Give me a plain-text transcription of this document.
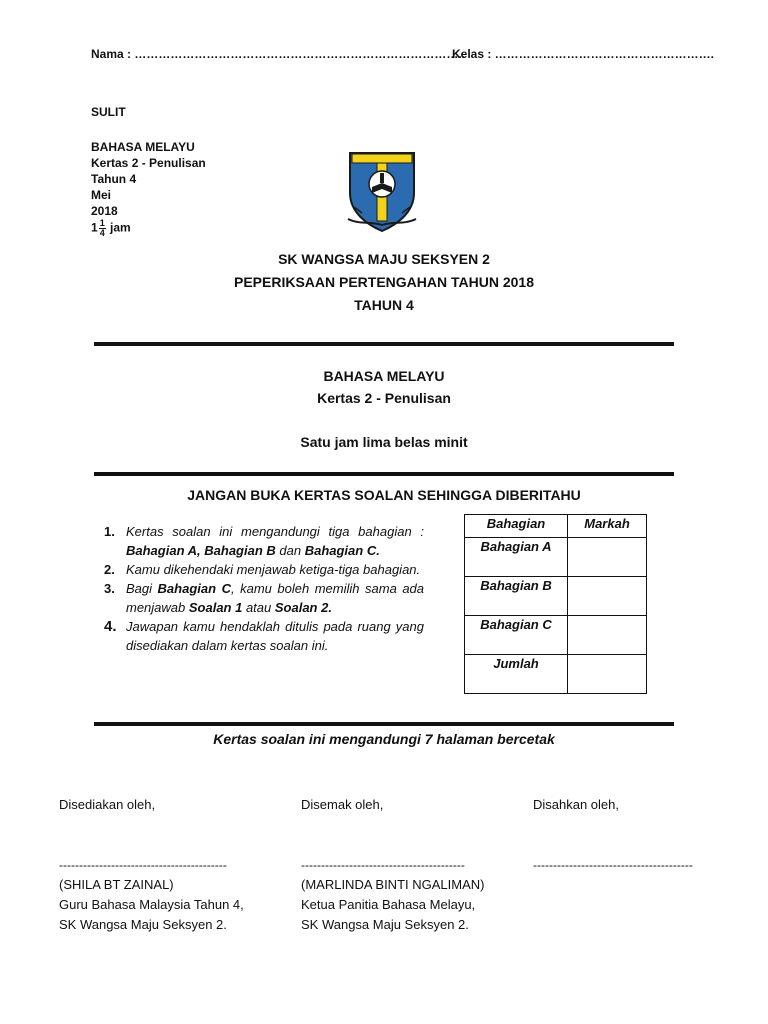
Nama : ………………………………………………………………………..
Kelas : ……………………………………………….
SULIT
BAHASA MELAYU
Kertas 2 - Penulisan
Tahun 4
Mei
2018
$1 \frac{1}{4}$ jam
SK WANGSA MAJU SEKSYEN 2
PEPERIKSAAN PERTENGAHAN TAHUN 2018
TAHUN 4
BAHASA MELAYU
Kertas 2 - Penulisan
Satu jam lima belas minit
JANGAN BUKA KERTAS SOALAN SEHINGGA DIBERITAHU
1. Kertas soalan ini mengandungi tiga bahagian : Bahagian A, Bahagian B dan Bahagian C.
2. Kamu dikehendaki menjawab ketiga-tiga bahagian.
3. Bagi Bahagian C, kamu boleh memilih sama ada menjawab Soalan 1 atau Soalan 2.
4. Jawapan kamu hendaklah ditulis pada ruang yang disediakan dalam kertas soalan ini.
Bahagian	Markah
Bahagian A	
Bahagian B	
Bahagian C	
Jumlah	
Kertas soalan ini mengandungi 7 halaman bercetak
Disediakan oleh,
------------------------------------------
(SHILA BT ZAINAL)
Guru Bahasa Malaysia Tahun 4,
SK Wangsa Maju Seksyen 2.
Disemak oleh,
-----------------------------------------
(MARLINDA BINTI NGALIMAN)
Ketua Panitia Bahasa Melayu,
SK Wangsa Maju Seksyen 2.
Disahkan oleh,
----------------------------------------
